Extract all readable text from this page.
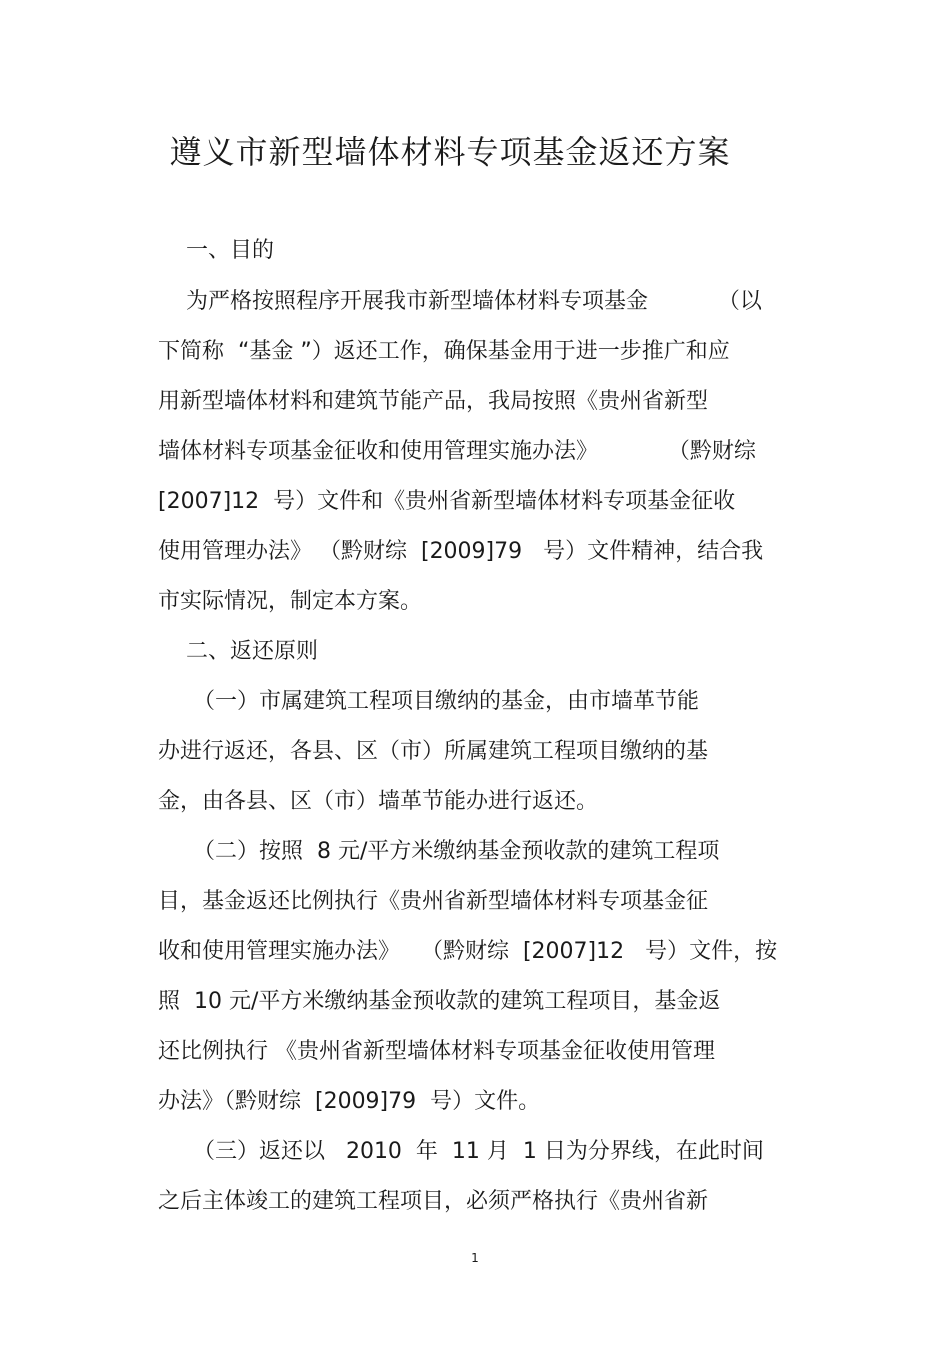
遵义市新型墙体材料专项基金返还方案
一、目的
为严格按照程序开展我市新型墙体材料专项基金          （以
下简称  “基金 ”）返还工作，确保基金用于进一步推广和应
用新型墙体材料和建筑节能产品，我局按照《贵州省新型
墙体材料专项基金征收和使用管理实施办法》          （黔财综
[2007]12  号）文件和《贵州省新型墙体材料专项基金征收
使用管理办法》 （黔财综  [2009]79   号）文件精神，结合我
市实际情况，制定本方案。
二、返还原则
（一）市属建筑工程项目缴纳的基金，由市墙革节能
办进行返还，各县、区（市）所属建筑工程项目缴纳的基
金，由各县、区（市）墙革节能办进行返还。
（二）按照  8 元/平方米缴纳基金预收款的建筑工程项
目，基金返还比例执行《贵州省新型墙体材料专项基金征
收和使用管理实施办法》   （黔财综  [2007]12   号）文件，按
照  10 元/平方米缴纳基金预收款的建筑工程项目，基金返
还比例执行 《贵州省新型墙体材料专项基金征收使用管理
办法》（黔财综  [2009]79  号）文件。
（三）返还以   2010  年  11 月  1 日为分界线，在此时间
之后主体竣工的建筑工程项目，必须严格执行《贵州省新
1
